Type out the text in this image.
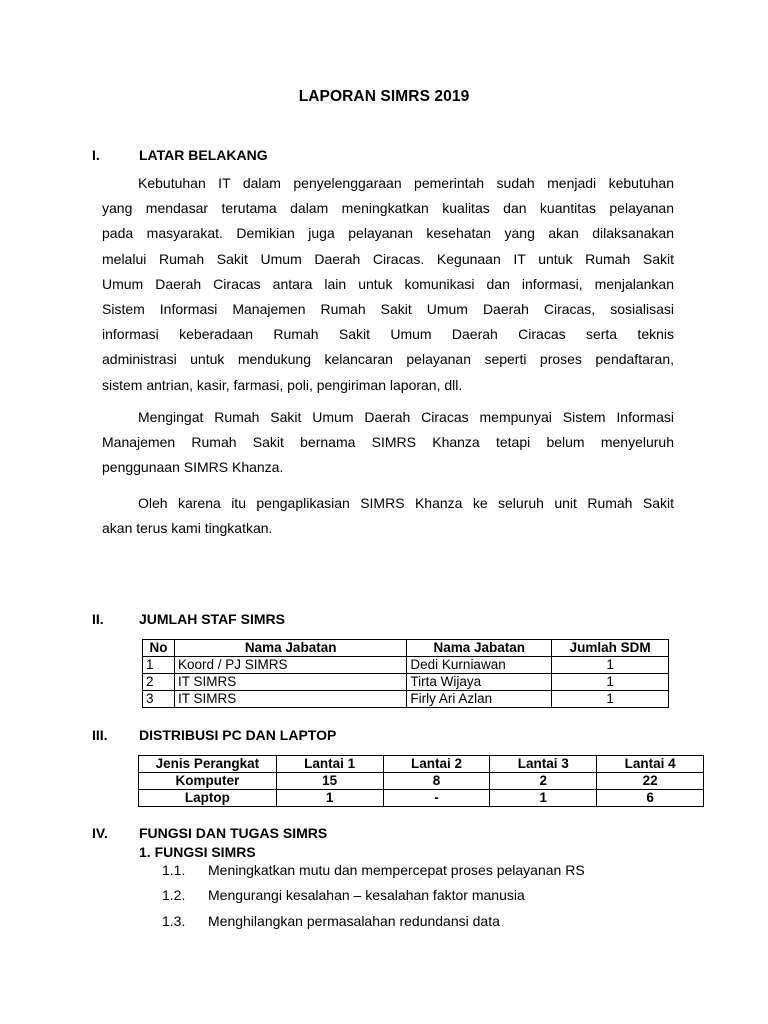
LAPORAN SIMRS 2019
I.	LATAR BELAKANG
Kebutuhan IT dalam penyelenggaraan pemerintah sudah menjadi kebutuhan
yang mendasar terutama dalam meningkatkan kualitas dan kuantitas pelayanan
pada masyarakat. Demikian juga pelayanan kesehatan yang akan dilaksanakan
melalui Rumah Sakit Umum Daerah Ciracas. Kegunaan IT untuk Rumah Sakit
Umum Daerah Ciracas antara lain untuk komunikasi dan informasi, menjalankan
Sistem Informasi Manajemen Rumah Sakit Umum Daerah Ciracas, sosialisasi
informasi keberadaan Rumah Sakit Umum Daerah Ciracas serta teknis
administrasi untuk mendukung kelancaran pelayanan seperti proses pendaftaran,
sistem antrian, kasir, farmasi, poli, pengiriman laporan, dll.
Mengingat Rumah Sakit Umum Daerah Ciracas mempunyai Sistem Informasi
Manajemen Rumah Sakit bernama SIMRS Khanza tetapi belum menyeluruh
penggunaan SIMRS Khanza.
Oleh karena itu pengaplikasian SIMRS Khanza ke seluruh unit Rumah Sakit
akan terus kami tingkatkan.
II.	JUMLAH STAF SIMRS
No	Nama Jabatan	Nama Jabatan	Jumlah SDM
1	Koord / PJ SIMRS	Dedi Kurniawan	1
2	IT SIMRS	Tirta Wijaya	1
3	IT SIMRS	Firly Ari Azlan	1
III. DISTRIBUSI PC DAN LAPTOP
Jenis Perangkat	Lantai 1	Lantai 2	Lantai 3	Lantai 4
Komputer	15	8	2	22
Laptop	1	-	1	6
IV. FUNGSI DAN TUGAS SIMRS
1. FUNGSI SIMRS
1.1. Meningkatkan mutu dan mempercepat proses pelayanan RS
1.2. Mengurangi kesalahan – kesalahan faktor manusia
1.3. Menghilangkan permasalahan redundansi data
